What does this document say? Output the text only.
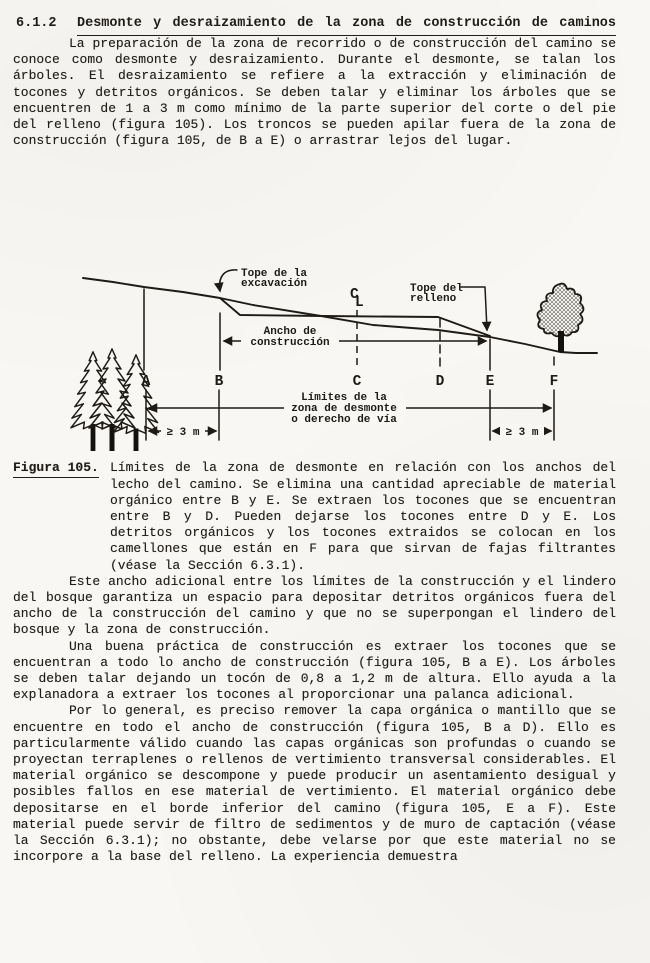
6.1.2	Desmonte y desraizamiento de la zona de construcción de caminos

La preparación de la zona de recorrido o de construcción del camino se conoce como desmonte y desraizamiento. Durante el desmonte, se talan los árboles. El desraizamiento se refiere a la extracción y eliminación de tocones y detritos orgánicos. Se deben talar y eliminar los árboles que se encuentren de 1 a 3 m como mínimo de la parte superior del corte o del pie del relleno (figura 105). Los troncos se pueden apilar fuera de la zona de construcción (figura 105, de B a E) o arrastrar lejos del lugar.

C
L
Ancho de
construcción
Tope de la
excavación	Tope del
relleno
A	B	C	D	E	F
Límites de la
zona de desmonte
o derecho de vía
≥ 3 m	≥ 3 m
Figura 105. Límites de la zona de desmonte en relación con los anchos del lecho del camino. Se elimina una cantidad apreciable de material orgánico entre B y E. Se extraen los tocones que se encuentran entre B y D. Pueden dejarse los tocones entre D y E. Los detritos orgánicos y los tocones extraidos se colocan en los camellones que están en F para que sirvan de fajas filtrantes (véase la Sección 6.3.1).

Este ancho adicional entre los límites de la construcción y el lindero del bosque garantiza un espacio para depositar detritos orgánicos fuera del ancho de la construcción del camino y que no se superpongan el lindero del bosque y la zona de construcción.

Una buena práctica de construcción es extraer los tocones que se encuentran a todo lo ancho de construcción (figura 105, B a E). Los árboles se deben talar dejando un tocón de 0,8 a 1,2 m de altura. Ello ayuda a la explanadora a extraer los tocones al proporcionar una palanca adicional.

Por lo general, es preciso remover la capa orgánica o mantillo que se encuentre en todo el ancho de construcción (figura 105, B a D). Ello es particularmente válido cuando las capas orgánicas son profundas o cuando se proyectan terraplenes o rellenos de vertimiento transversal considerables. El material orgánico se descompone y puede producir un asentamiento desigual y posibles fallos en ese material de vertimiento. El material orgánico debe depositarse en el borde inferior del camino (figura 105, E a F). Este material puede servir de filtro de sedimentos y de muro de captación (véase la Sección 6.3.1); no obstante, debe velarse por que este material no se incorpore a la base del relleno. La experiencia demuestra
